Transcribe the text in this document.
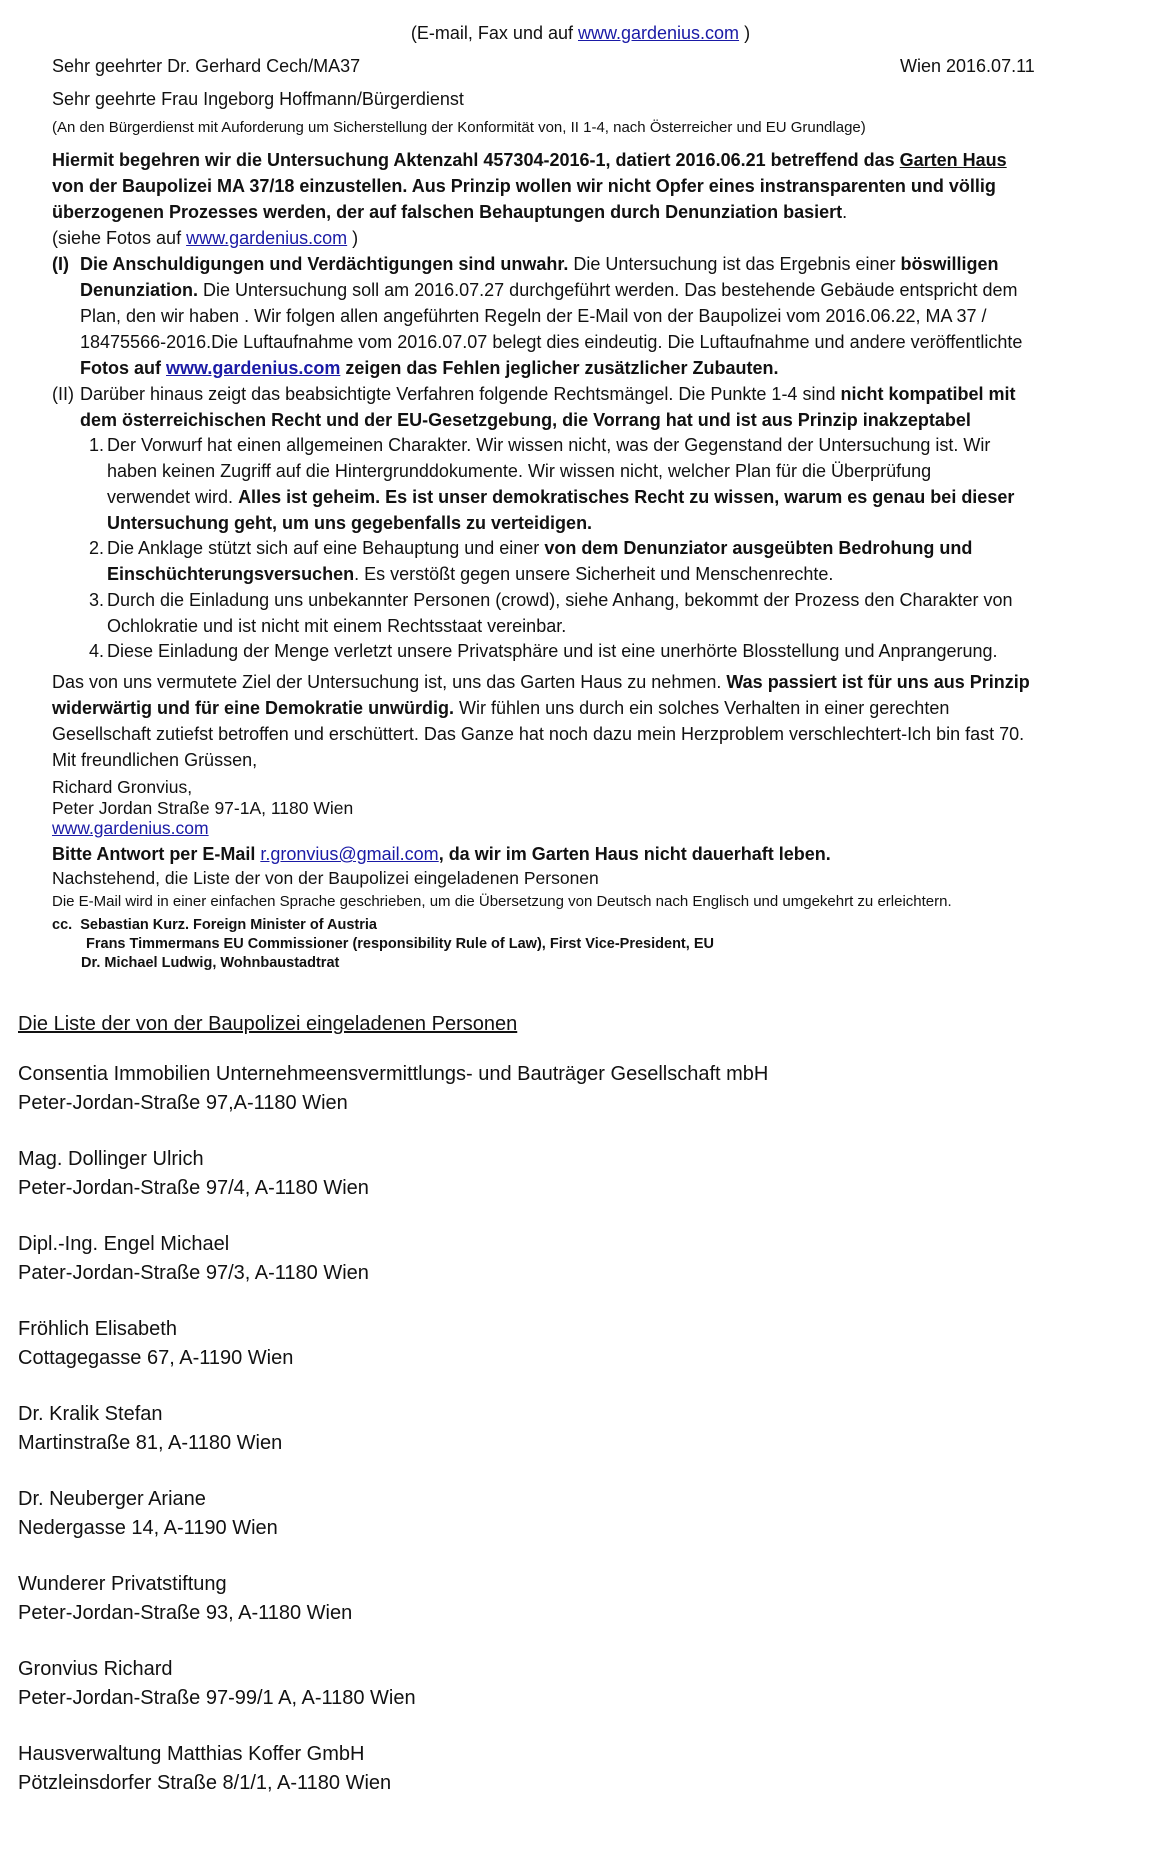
(E-mail, Fax und auf www.gardenius.com )
Sehr geehrter Dr. Gerhard Cech/MA37	Wien 2016.07.11
Sehr geehrte Frau Ingeborg Hoffmann/Bürgerdienst
(An den Bürgerdienst mit Auforderung um Sicherstellung der Konformität von, II 1-4, nach Österreicher und EU Grundlage)
Hiermit begehren wir die Untersuchung Aktenzahl 457304-2016-1, datiert 2016.06.21 betreffend das Garten Haus
von der Baupolizei MA 37/18 einzustellen. Aus Prinzip wollen wir nicht Opfer eines instransparenten und völlig
überzogenen Prozesses werden, der auf falschen Behauptungen durch Denunziation basiert.
(siehe Fotos auf www.gardenius.com )
(I) Die Anschuldigungen und Verdächtigungen sind unwahr. Die Untersuchung ist das Ergebnis einer böswilligen
Denunziation. Die Untersuchung soll am 2016.07.27 durchgeführt werden. Das bestehende Gebäude entspricht dem
Plan, den wir haben . Wir folgen allen angeführten Regeln der E-Mail von der Baupolizei vom 2016.06.22, MA 37 /
18475566-2016.Die Luftaufnahme vom 2016.07.07 belegt dies eindeutig. Die Luftaufnahme und andere veröffentlichte
Fotos auf www.gardenius.com zeigen das Fehlen jeglicher zusätzlicher Zubauten.
(II) Darüber hinaus zeigt das beabsichtigte Verfahren folgende Rechtsmängel. Die Punkte 1-4 sind nicht kompatibel mit
dem österreichischen Recht und der EU-Gesetzgebung, die Vorrang hat und ist aus Prinzip inakzeptabel
1. Der Vorwurf hat einen allgemeinen Charakter. Wir wissen nicht, was der Gegenstand der Untersuchung ist. Wir
haben keinen Zugriff auf die Hintergrunddokumente. Wir wissen nicht, welcher Plan für die Überprüfung
verwendet wird. Alles ist geheim. Es ist unser demokratisches Recht zu wissen, warum es genau bei dieser
Untersuchung geht, um uns gegebenfalls zu verteidigen.
2. Die Anklage stützt sich auf eine Behauptung und einer von dem Denunziator ausgeübten Bedrohung und
Einschüchterungsversuchen. Es verstößt gegen unsere Sicherheit und Menschenrechte.
3. Durch die Einladung uns unbekannter Personen (crowd), siehe Anhang, bekommt der Prozess den Charakter von
Ochlokratie und ist nicht mit einem Rechtsstaat vereinbar.
4. Diese Einladung der Menge verletzt unsere Privatsphäre und ist eine unerhörte Blosstellung und Anprangerung.
Das von uns vermutete Ziel der Untersuchung ist, uns das Garten Haus zu nehmen. Was passiert ist für uns aus Prinzip
widerwärtig und für eine Demokratie unwürdig. Wir fühlen uns durch ein solches Verhalten in einer gerechten
Gesellschaft zutiefst betroffen und erschüttert. Das Ganze hat noch dazu mein Herzproblem verschlechtert-Ich bin fast 70.
Mit freundlichen Grüssen,
Richard Gronvius,
Peter Jordan Straße 97-1A, 1180 Wien
www.gardenius.com
Bitte Antwort per E-Mail r.gronvius@gmail.com, da wir im Garten Haus nicht dauerhaft leben.
Nachstehend, die Liste der von der Baupolizei eingeladenen Personen
Die E-Mail wird in einer einfachen Sprache geschrieben, um die Übersetzung von Deutsch nach Englisch und umgekehrt zu erleichtern.
cc. Sebastian Kurz. Foreign Minister of Austria
Frans Timmermans EU Commissioner (responsibility Rule of Law), First Vice-President, EU
Dr. Michael Ludwig, Wohnbaustadtrat
Die Liste der von der Baupolizei eingeladenen Personen
Consentia Immobilien Unternehmeensvermittlungs- und Bauträger Gesellschaft mbH
Peter-Jordan-Straße 97,A-1180 Wien
Mag. Dollinger Ulrich
Peter-Jordan-Straße 97/4, A-1180 Wien
Dipl.-Ing. Engel Michael
Pater-Jordan-Straße 97/3, A-1180 Wien
Fröhlich Elisabeth
Cottagegasse 67, A-1190 Wien
Dr. Kralik Stefan
Martinstraße 81, A-1180 Wien
Dr. Neuberger Ariane
Nedergasse 14, A-1190 Wien
Wunderer Privatstiftung
Peter-Jordan-Straße 93, A-1180 Wien
Gronvius Richard
Peter-Jordan-Straße 97-99/1 A, A-1180 Wien
Hausverwaltung Matthias Koffer GmbH
Pötzleinsdorfer Straße 8/1/1, A-1180 Wien
